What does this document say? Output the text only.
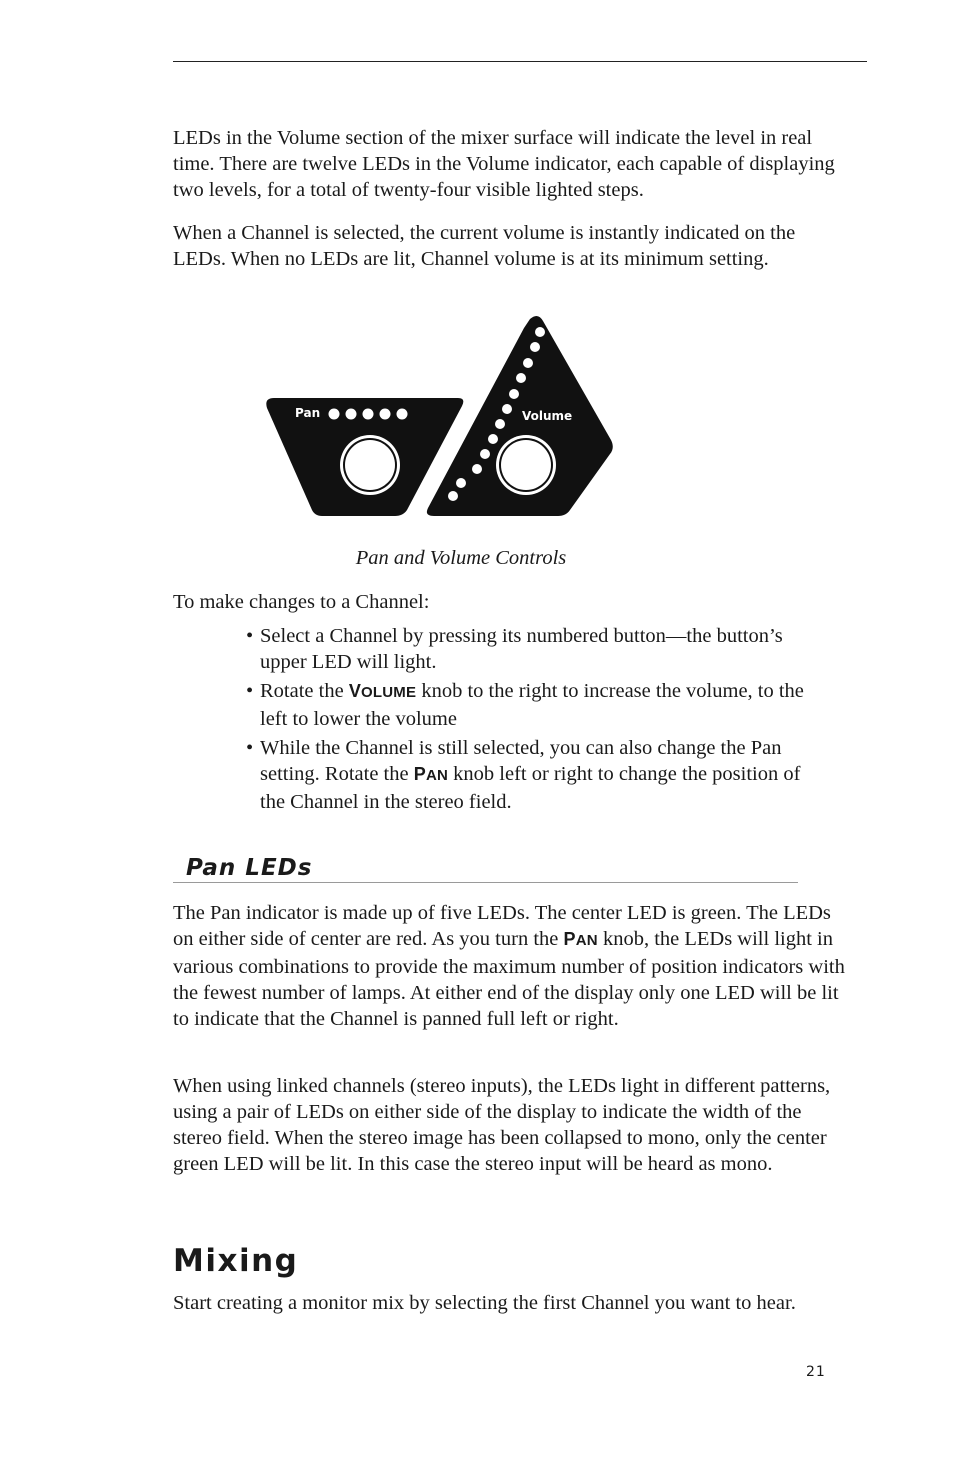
LEDs in the Volume section of the mixer surface will indicate the level in real time. There are twelve LEDs in the Volume indicator, each capable of displaying two levels, for a total of twenty-four visible lighted steps.

When a Channel is selected, the current volume is instantly indicated on the LEDs. When no LEDs are lit, Channel volume is at its minimum setting.

Pan	Volume
Pan and Volume Controls

To make changes to a Channel:

• Select a Channel by pressing its numbered button—the button’s upper LED will light.
• Rotate the VOLUME knob to the right to increase the volume, to the left to lower the volume
• While the Channel is still selected, you can also change the Pan setting. Rotate the PAN knob left or right to change the position of the Channel in the stereo field.
Pan LEDs

The Pan indicator is made up of five LEDs. The center LED is green. The LEDs on either side of center are red. As you turn the PAN knob, the LEDs will light in various combinations to provide the maximum number of position indicators with the fewest number of lamps. At either end of the display only one LED will be lit to indicate that the Channel is panned full left or right.

When using linked channels (stereo inputs), the LEDs light in different patterns, using a pair of LEDs on either side of the display to indicate the width of the stereo field. When the stereo image has been collapsed to mono, only the center green LED will be lit. In this case the stereo input will be heard as mono.

Mixing

Start creating a monitor mix by selecting the first Channel you want to hear.

21
